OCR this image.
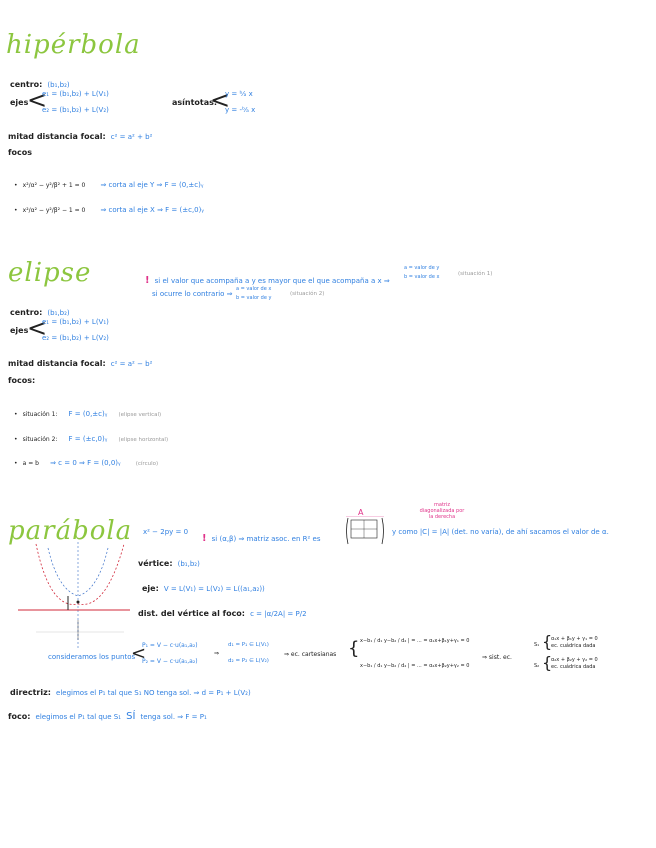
hipérbola
centro: (b₁,b₂)
ejes
<
e₁ = (b₁,b₂) + L(V₁)
e₂ = (b₁,b₂) + L(V₂)
asíntotas:
<
y = ᵇ⁄ₐ x
y = -ᵇ⁄ₐ x
mitad distancia focal: c² = a² + b²
focos
• x²/α² − y²/β² + 1 = 0 ⇒ corta al eje Y ⇒ F = (0,±c)ᵧ
• x²/α² − y²/β² − 1 = 0 ⇒ corta al eje X ⇒ F = (±c,0)ᵧ
elipse	! si el valor que acompaña a y es mayor que el que acompaña a x ⇒
a = valor de y
b = valor de x	(situación 1)
si ocurre lo contrario ⇒
a = valor de x
b = valor de y
(situación 2)
centro: (b₁,b₂)
ejes
<
e₁ = (b₁,b₂) + L(V₁)
e₂ = (b₁,b₂) + L(V₂)
mitad distancia focal: c² = a² − b²
focos:
• situación 1: F = (0,±c)ᵧ (elipse vertical)
• situación 2: F = (±c,0)ᵧ (elipse horizontal)
• a = b ⇒ c = 0 ⇒ F = (0,0)ᵧ	(círculo)
parábola x² − 2py = 0
matriz diagonalizada por la derecha
! si (α,β) ⇒ matriz asoc. en R² es
A
y como |C| = |A| (det. no varía), de ahí sacamos el valor de α.
vértice: (b₁,b₂)
eje: V = L(V₁) = L(V₂) = L((a₁,a₂))
dist. del vértice al foco: c = |α/2A| = P/2
consideramos los puntos
<
P₁ = V − c·u(a₁,a₂)
P₂ = V − c·u(a₁,a₂)
⇒
d₁ = P₁ ∈ L(V₁)
d₂ = P₂ ∈ L(V₂)
⇒ ec. cartesianas { x−b₁ / d₁ y−b₂ / d₂ | = ... = α₁x+β₁y+γ₁ = 0
x−b₁ / d₁ y−b₂ / d₂ | = ... = α₂x+β₂y+γ₂ = 0
⇒ sist. ec.
S₁ {
α₁x + β₁y + γ₁ = 0
ec. cuádrica dada
S₂ {
α₂x + β₂y + γ₂ = 0
ec. cuádrica dada
directriz: elegimos el P₁ tal que S₁ NO tenga sol. ⇒ d = P₁ + L(V₂)
foco: elegimos el P₁ tal que S₁ SÍ tenga sol. ⇒ F = P₁
